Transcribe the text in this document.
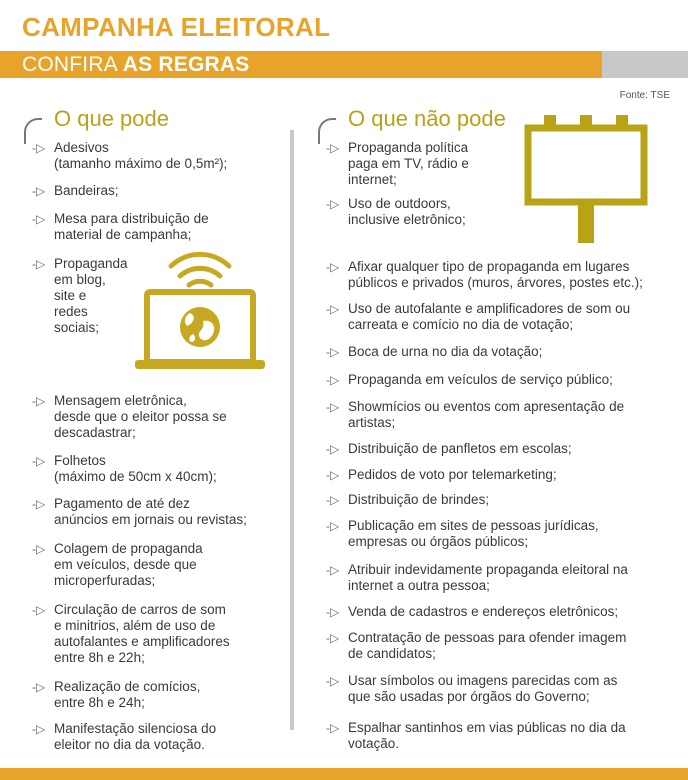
CAMPANHA ELEITORAL
CONFIRA AS REGRAS
Fonte: TSE
O que pode
-▷ Adesivos
(tamanho máximo de 0,5m²);
-▷ Bandeiras;
-▷ Mesa para distribuição de
material de campanha;
-▷ Propaganda
em blog,
site e
redes
sociais;
-▷ Mensagem eletrônica,
desde que o eleitor possa se
descadastrar;
-▷ Folhetos
(máximo de 50cm x 40cm);
-▷ Pagamento de até dez
anúncios em jornais ou revistas;
-▷ Colagem de propaganda
em veículos, desde que
microperfuradas;
-▷ Circulação de carros de som
e minitrios, além de uso de
autofalantes e amplificadores
entre 8h e 22h;
-▷ Realização de comícios,
entre 8h e 24h;
-▷ Manifestação silenciosa do
eleitor no dia da votação.
O que não pode
-▷ Propaganda política
paga em TV, rádio e
internet;
-▷ Uso de outdoors,
inclusive eletrônico;
-▷ Afixar qualquer tipo de propaganda em lugares
públicos e privados (muros, árvores, postes etc.);
-▷ Uso de autofalante e amplificadores de som ou
carreata e comício no dia de votação;
-▷ Boca de urna no dia da votação;
-▷ Propaganda em veículos de serviço público;
-▷ Showmícios ou eventos com apresentação de
artistas;
-▷ Distribuição de panfletos em escolas;
-▷ Pedidos de voto por telemarketing;
-▷ Distribuição de brindes;
-▷ Publicação em sites de pessoas jurídicas,
empresas ou órgãos públicos;
-▷ Atribuir indevidamente propaganda eleitoral na
internet a outra pessoa;
-▷ Venda de cadastros e endereços eletrônicos;
-▷ Contratação de pessoas para ofender imagem
de candidatos;
-▷ Usar símbolos ou imagens parecidas com as
que são usadas por órgãos do Governo;
-▷ Espalhar santinhos em vias públicas no dia da
votação.
